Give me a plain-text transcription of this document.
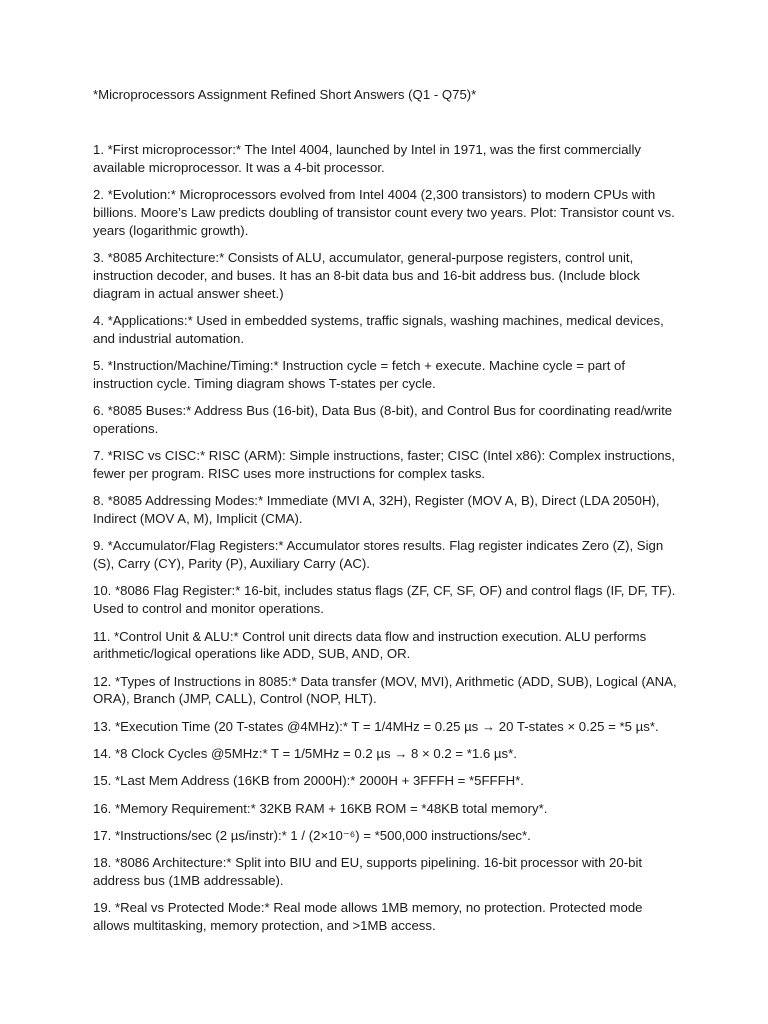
*Microprocessors Assignment Refined Short Answers (Q1 - Q75)*

1. *First microprocessor:* The Intel 4004, launched by Intel in 1971, was the first commercially available microprocessor. It was a 4-bit processor.

2. *Evolution:* Microprocessors evolved from Intel 4004 (2,300 transistors) to modern CPUs with billions. Moore’s Law predicts doubling of transistor count every two years. Plot: Transistor count vs. years (logarithmic growth).

3. *8085 Architecture:* Consists of ALU, accumulator, general-purpose registers, control unit, instruction decoder, and buses. It has an 8-bit data bus and 16-bit address bus. (Include block diagram in actual answer sheet.)

4. *Applications:* Used in embedded systems, traffic signals, washing machines, medical devices, and industrial automation.

5. *Instruction/Machine/Timing:* Instruction cycle = fetch + execute. Machine cycle = part of instruction cycle. Timing diagram shows T-states per cycle.

6. *8085 Buses:* Address Bus (16-bit), Data Bus (8-bit), and Control Bus for coordinating read/write operations.

7. *RISC vs CISC:* RISC (ARM): Simple instructions, faster; CISC (Intel x86): Complex instructions, fewer per program. RISC uses more instructions for complex tasks.

8. *8085 Addressing Modes:* Immediate (MVI A, 32H), Register (MOV A, B), Direct (LDA 2050H), Indirect (MOV A, M), Implicit (CMA).

9. *Accumulator/Flag Registers:* Accumulator stores results. Flag register indicates Zero (Z), Sign (S), Carry (CY), Parity (P), Auxiliary Carry (AC).

10. *8086 Flag Register:* 16-bit, includes status flags (ZF, CF, SF, OF) and control flags (IF, DF, TF). Used to control and monitor operations.

11. *Control Unit & ALU:* Control unit directs data flow and instruction execution. ALU performs arithmetic/logical operations like ADD, SUB, AND, OR.

12. *Types of Instructions in 8085:* Data transfer (MOV, MVI), Arithmetic (ADD, SUB), Logical (ANA, ORA), Branch (JMP, CALL), Control (NOP, HLT).

13. *Execution Time (20 T-states @4MHz):* T = 1/4MHz = 0.25 µs → 20 T-states × 0.25 = *5 µs*.

14. *8 Clock Cycles @5MHz:* T = 1/5MHz = 0.2 µs → 8 × 0.2 = *1.6 µs*.

15. *Last Mem Address (16KB from 2000H):* 2000H + 3FFFH = *5FFFH*.

16. *Memory Requirement:* 32KB RAM + 16KB ROM = *48KB total memory*.

17. *Instructions/sec (2 µs/instr):* 1 / (2×10⁻⁶) = *500,000 instructions/sec*.

18. *8086 Architecture:* Split into BIU and EU, supports pipelining. 16-bit processor with 20-bit address bus (1MB addressable).

19. *Real vs Protected Mode:* Real mode allows 1MB memory, no protection. Protected mode allows multitasking, memory protection, and >1MB access.
